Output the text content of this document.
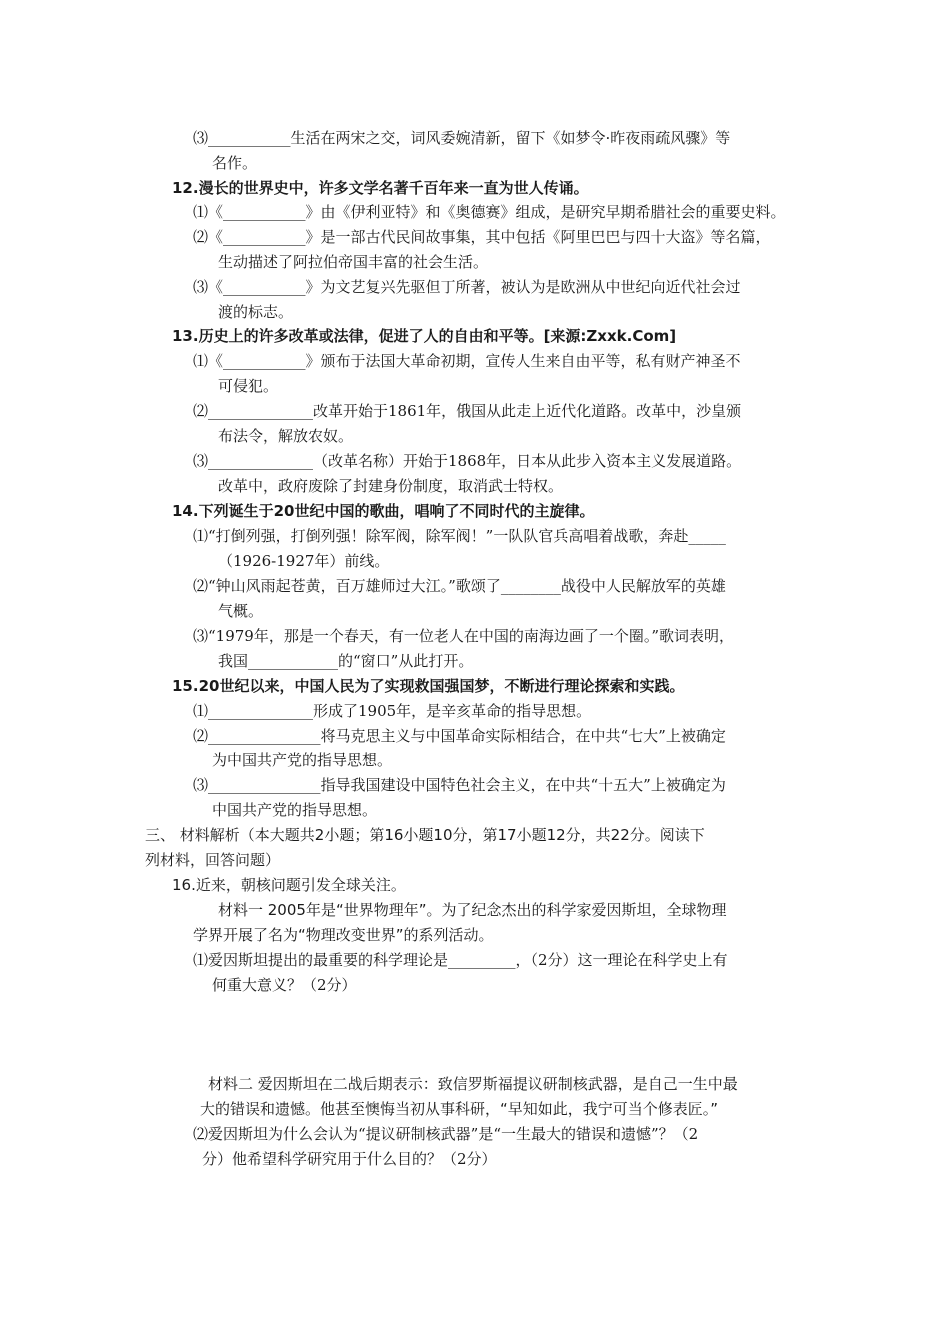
⑶___________生活在两宋之交，词风委婉清新，留下《如梦令·昨夜雨疏风骤》等
名作。
12.漫长的世界史中，许多文学名著千百年来一直为世人传诵。
⑴《___________》由《伊利亚特》和《奥德赛》组成，是研究早期希腊社会的重要史料。
⑵《___________》是一部古代民间故事集，其中包括《阿里巴巴与四十大盗》等名篇，
生动描述了阿拉伯帝国丰富的社会生活。
⑶《___________》为文艺复兴先驱但丁所著，被认为是欧洲从中世纪向近代社会过
渡的标志。
13.历史上的许多改革或法律，促进了人的自由和平等。[来源:Zxxk.Com]
⑴《___________》颁布于法国大革命初期，宣传人生来自由平等，私有财产神圣不
可侵犯。
⑵______________改革开始于1861年，俄国从此走上近代化道路。改革中，沙皇颁
布法令，解放农奴。
⑶______________（改革名称）开始于1868年，日本从此步入资本主义发展道路。
改革中，政府废除了封建身份制度，取消武士特权。
14.下列诞生于20世纪中国的歌曲，唱响了不同时代的主旋律。
⑴“打倒列强，打倒列强！除军阀，除军阀！”一队队官兵高唱着战歌，奔赴_____
（1926-1927年）前线。
⑵“钟山风雨起苍黄，百万雄师过大江。”歌颂了________战役中人民解放军的英雄
气概。
⑶“1979年，那是一个春天，有一位老人在中国的南海边画了一个圈。”歌词表明，
我国____________的“窗口”从此打开。
15.20世纪以来，中国人民为了实现救国强国梦，不断进行理论探索和实践。
⑴______________形成了1905年，是辛亥革命的指导思想。
⑵_______________将马克思主义与中国革命实际相结合，在中共“七大”上被确定
为中国共产党的指导思想。
⑶_______________指导我国建设中国特色社会主义，在中共“十五大”上被确定为
中国共产党的指导思想。
三、 材料解析（本大题共2小题；第16小题10分，第17小题12分，共22分。阅读下
列材料，回答问题）
16.近来，朝核问题引发全球关注。
材料一 2005年是“世界物理年”。为了纪念杰出的科学家爱因斯坦，全球物理
学界开展了名为“物理改变世界”的系列活动。
⑴爱因斯坦提出的最重要的科学理论是_________，（2分）这一理论在科学史上有
何重大意义？（2分）
材料二 爱因斯坦在二战后期表示：致信罗斯福提议研制核武器，是自己一生中最
大的错误和遗憾。他甚至懊悔当初从事科研，“早知如此，我宁可当个修表匠。”
⑵爱因斯坦为什么会认为“提议研制核武器”是“一生最大的错误和遗憾”？（2
分）他希望科学研究用于什么目的？（2分）
